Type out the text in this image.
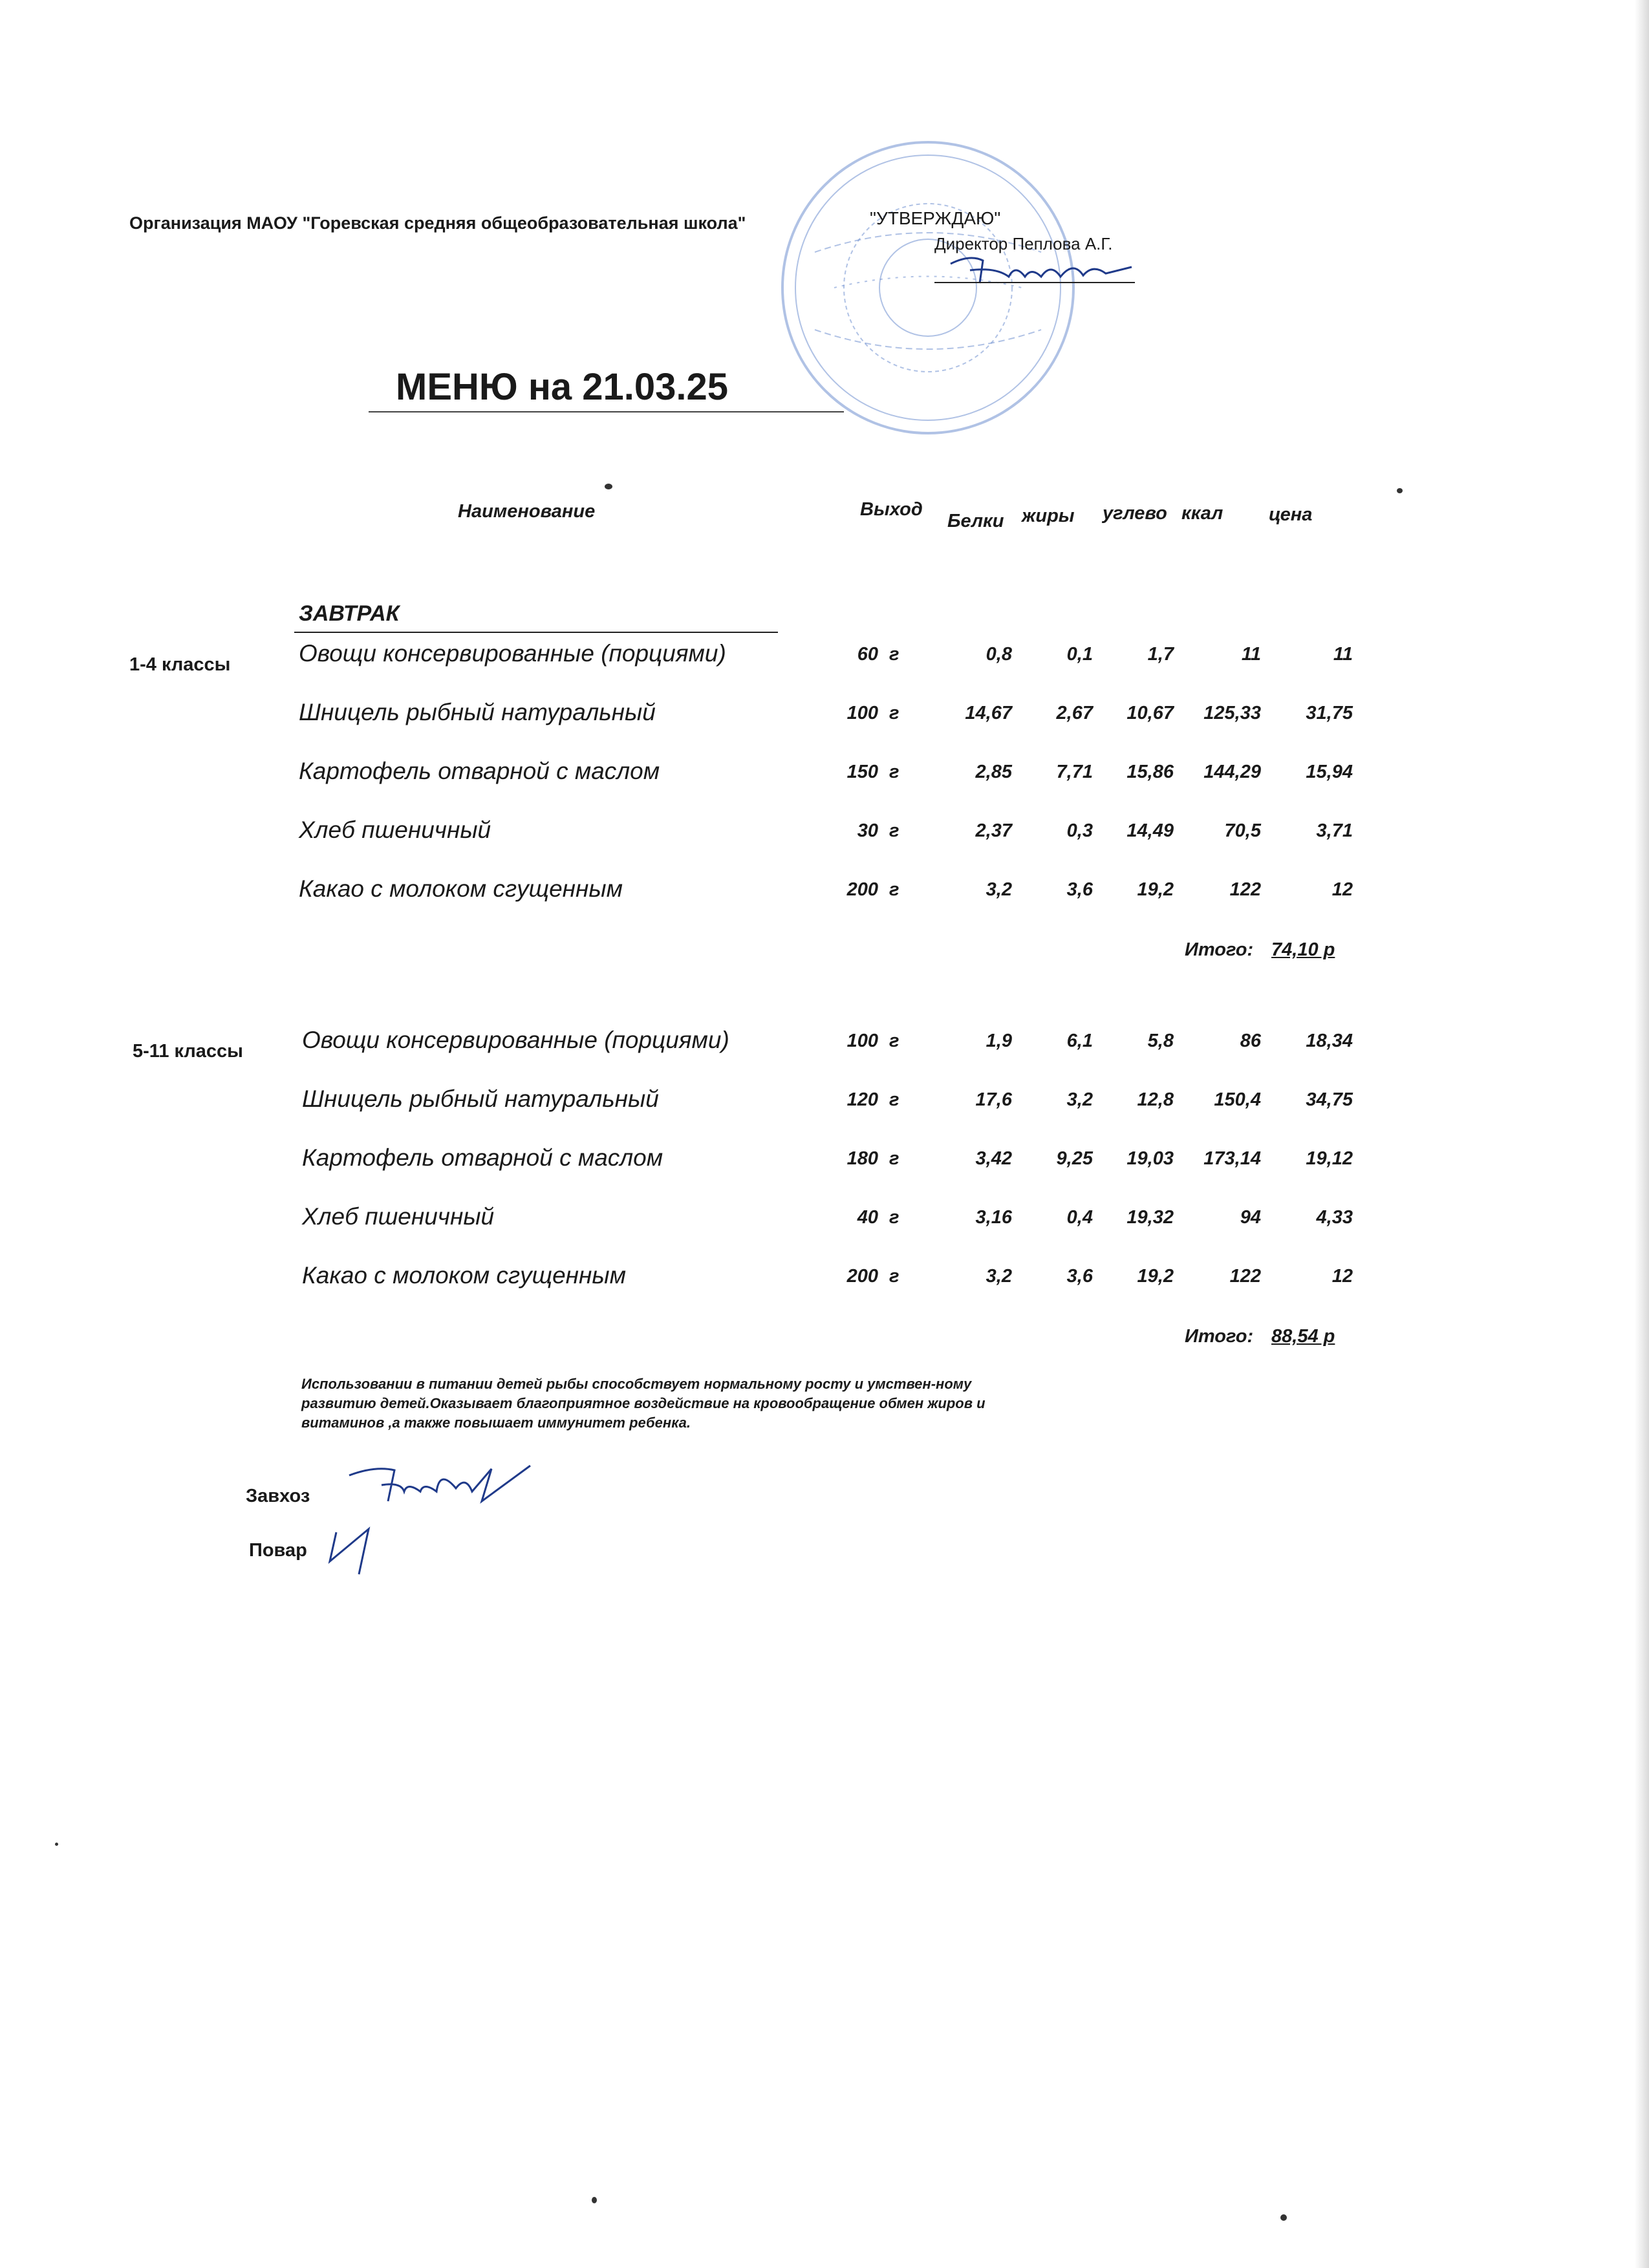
Организация МАОУ "Горевская средняя общеобразовательная школа"	"УТВЕРЖДАЮ"
Директор Пеплова А.Г.
МЕНЮ на 21.03.25
Наименование	Выход
Белки жиры углево ккал цена
ЗАВТРАК
1-4 классы	Овощи консервированные (порциями)	60 г	0,8	0,1	1,7	11	11
Шницель рыбный натуральный	100 г	14,67 2,67 10,67 125,33 31,75
Картофель отварной с маслом	150 г	2,85 7,71 15,86 144,29 15,94
Хлеб пшеничный	30 г	2,37	0,3 14,49	70,5	3,71
Какао с молоком сгущенным	200 г	3,2	3,6 19,2	122	12
Итого: 74,10 р
5-11 классы Овощи консервированные (порциями)	100 г	1,9	6,1	5,8	86 18,34
Шницель рыбный натуральный	120 г	17,6	3,2 12,8 150,4 34,75
Картофель отварной с маслом	180 г	3,42 9,25 19,03 173,14 19,12
Хлеб пшеничный	40 г	3,16	0,4 19,32	94	4,33
Какао с молоком сгущенным	200 г	3,2	3,6 19,2	122	12
Итого: 88,54 р
Использовании в питании детей рыбы способствует нормальному росту и умствен-ному развитию детей.Оказывает благоприятное воздействие на кровообращение обмен жиров и витаминов ,а также повышает иммунитет ребенка.
Завхоз
Повар
